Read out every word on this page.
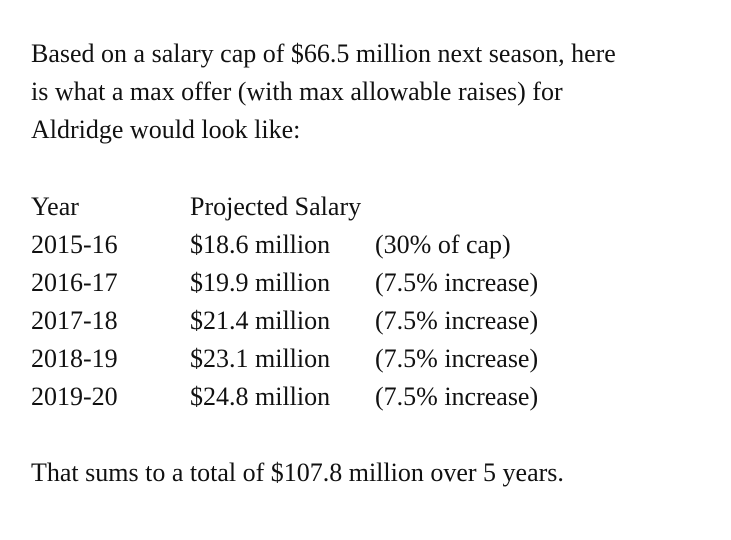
Based on a salary cap of $66.5 million next season, here
is what a max offer (with max allowable raises) for
Aldridge would look like:

Year	Projected Salary	
2015-16	$18.6 million	(30% of cap)
2016-17	$19.9 million	(7.5% increase)
2017-18	$21.4 million	(7.5% increase)
2018-19	$23.1 million	(7.5% increase)
2019-20	$24.8 million	(7.5% increase)

That sums to a total of $107.8 million over 5 years.
